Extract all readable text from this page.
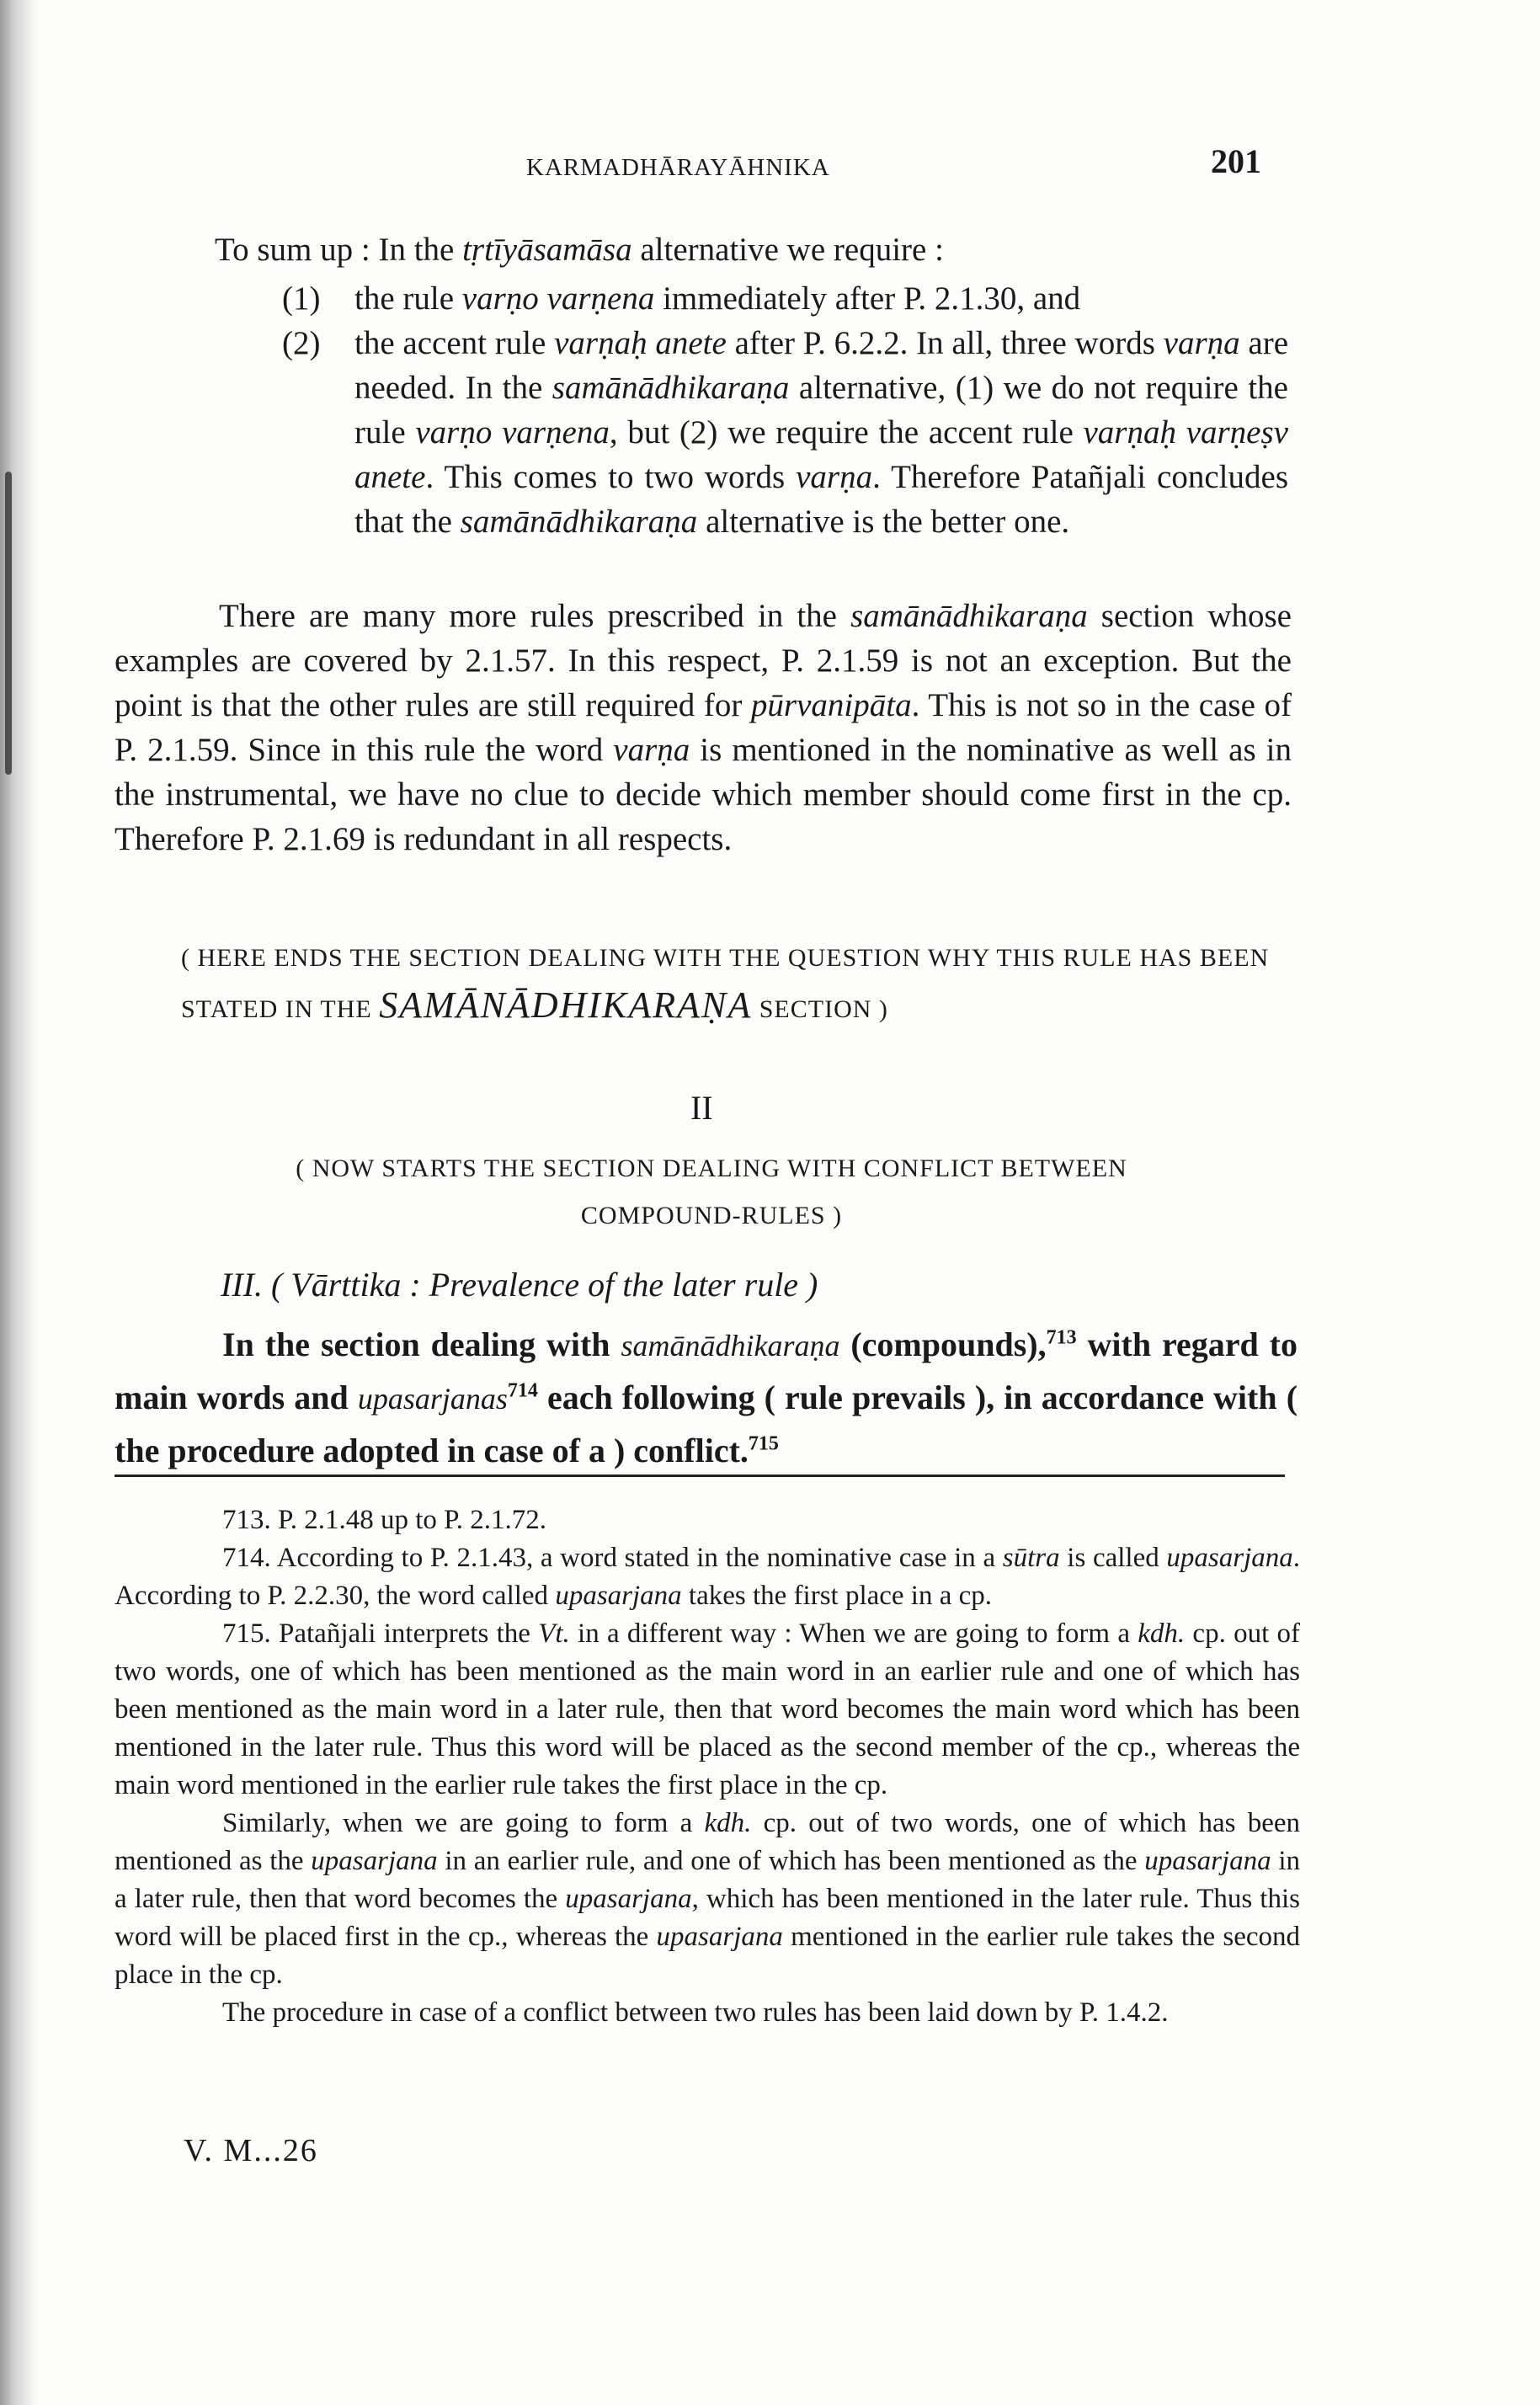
KARMADHĀRAYĀHNIKA	201
To sum up : In the tṛtīyāsamāsa alternative we require :

(1) the rule varṇo varṇena immediately after P. 2.1.30, and

(2) the accent rule varṇaḥ anete after P. 6.2.2. In all, three words varṇa are needed. In the samānādhikaraṇa alternative, (1) we do not require the rule varṇo varṇena, but (2) we require the accent rule varṇaḥ varṇeṣv anete. This comes to two words varṇa. Therefore Patañjali concludes that the samānādhikaraṇa alternative is the better one.

There are many more rules prescribed in the samānādhikaraṇa section whose examples are covered by 2.1.57. In this respect, P. 2.1.59 is not an exception. But the point is that the other rules are still required for pūrvanipāta. This is not so in the case of P. 2.1.59. Since in this rule the word varṇa is mentioned in the nominative as well as in the instrumental, we have no clue to decide which member should come first in the cp. Therefore P. 2.1.69 is redundant in all respects.

( HERE ENDS THE SECTION DEALING WITH THE QUESTION WHY THIS RULE HAS BEEN STATED IN THE SAMĀNĀDHIKARAṆA SECTION )
II
( NOW STARTS THE SECTION DEALING WITH CONFLICT BETWEEN
COMPOUND-RULES )
III. ( Vārttika : Prevalence of the later rule )

In the section dealing with samānādhikaraṇa (compounds),$^{713}$ with regard to main words and upasarjanas$^{714}$ each following ( rule prevails ), in accordance with ( the procedure adopted in case of a ) conflict.$^{715}$

713. P. 2.1.48 up to P. 2.1.72.

714. According to P. 2.1.43, a word stated in the nominative case in a sūtra is called upasarjana. According to P. 2.2.30, the word called upasarjana takes the first place in a cp.

715. Patañjali interprets the Vt. in a different way : When we are going to form a kdh. cp. out of two words, one of which has been mentioned as the main word in an earlier rule and one of which has been mentioned as the main word in a later rule, then that word becomes the main word which has been mentioned in the later rule. Thus this word will be placed as the second member of the cp., whereas the main word mentioned in the earlier rule takes the first place in the cp.

Similarly, when we are going to form a kdh. cp. out of two words, one of which has been mentioned as the upasarjana in an earlier rule, and one of which has been mentioned as the upasarjana in a later rule, then that word becomes the upasarjana, which has been mentioned in the later rule. Thus this word will be placed first in the cp., whereas the upasarjana mentioned in the earlier rule takes the second place in the cp.

The procedure in case of a conflict between two rules has been laid down by P. 1.4.2.

V. M...26
